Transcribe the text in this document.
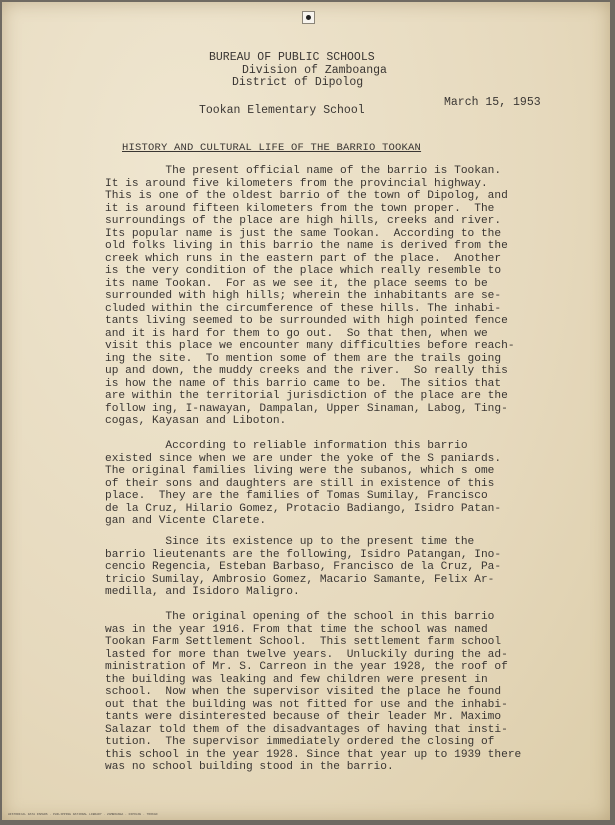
BUREAU OF PUBLIC SCHOOLS
Division of Zamboanga
District of Dipolog
Tookan Elementary School
March 15, 1953
HISTORY AND CULTURAL LIFE OF THE BARRIO TOOKAN
The present official name of the barrio is Tookan.
It is around five kilometers from the provincial highway.
This is one of the oldest barrio of the town of Dipolog, and
it is around fifteen kilometers from the town proper.  The
surroundings of the place are high hills, creeks and river.
Its popular name is just the same Tookan.  According to the
old folks living in this barrio the name is derived from the
creek which runs in the eastern part of the place.  Another
is the very condition of the place which really resemble to
its name Tookan.  For as we see it, the place seems to be
surrounded with high hills; wherein the inhabitants are se-
cluded within the circumference of these hills. The inhabi-
tants living seemed to be surrounded with high pointed fence
and it is hard for them to go out.  So that then, when we
visit this place we encounter many difficulties before reach-
ing the site.  To mention some of them are the trails going
up and down, the muddy creeks and the river.  So really this
is how the name of this barrio came to be.  The sitios that
are within the territorial jurisdiction of the place are the
follow ing, I-nawayan, Dampalan, Upper Sinaman, Labog, Ting-
cogas, Kayasan and Liboton.
According to reliable information this barrio
existed since when we are under the yoke of the S paniards.
The original families living were the subanos, which s ome
of their sons and daughters are still in existence of this
place.  They are the families of Tomas Sumilay, Francisco
de la Cruz, Hilario Gomez, Protacio Badiango, Isidro Patan-
gan and Vicente Clarete.
Since its existence up to the present time the
barrio lieutenants are the following, Isidro Patangan, Ino-
cencio Regencia, Esteban Barbaso, Francisco de la Cruz, Pa-
tricio Sumilay, Ambrosio Gomez, Macario Samante, Felix Ar-
medilla, and Isidoro Maligro.
The original opening of the school in this barrio
was in the year 1916. From that time the school was named
Tookan Farm Settlement School.  This settlement farm school
lasted for more than twelve years.  Unluckily during the ad-
ministration of Mr. S. Carreon in the year 1928, the roof of
the building was leaking and few children were present in
school.  Now when the supervisor visited the place he found
out that the building was not fitted for use and the inhabi-
tants were disinterested because of their leader Mr. Maximo
Salazar told them of the disadvantages of having that insti-
tution.  The supervisor immediately ordered the closing of
this school in the year 1928. Since that year up to 1939 there
was no school building stood in the barrio.
HISTORICAL DATA PAPERS . PHILIPPINE NATIONAL LIBRARY . ZAMBOANGA . DIPOLOG . TOOKAN
